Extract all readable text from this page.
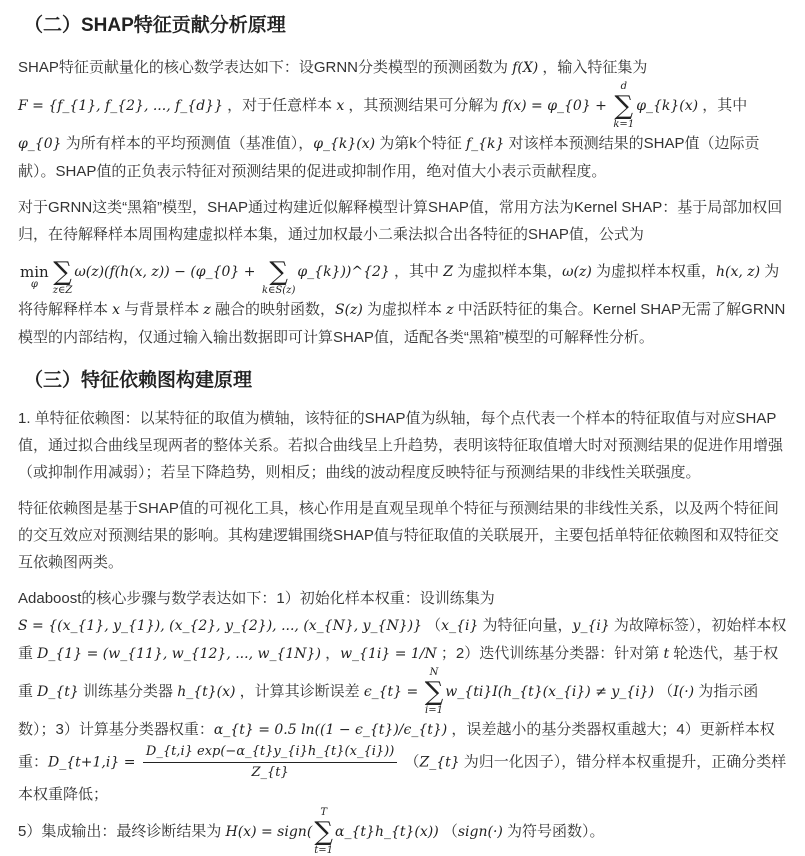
（二）SHAP特征贡献分析原理

SHAP特征贡献量化的核心数学表达如下：设GRNN分类模型的预测函数为 f(X) ，输入特征集为
F = {f_{1}, f_{2}, ..., f_{d}} ，对于任意样本 x ，其预测结果可分解为 f(x) = φ_{0} +
d
∑
k=1
φ_{k}(x) ，其中 φ_{0} 为所有样本的平均预测值（基准值），φ_{k}(x) 为第k个特征 f_{k} 对该样本预测结果的SHAP值（边际贡献）。SHAP值的正负表示特征对预测结果的促进或抑制作用，绝对值大小表示贡献程度。

对于GRNN这类“黑箱”模型，SHAP通过构建近似解释模型计算SHAP值，常用方法为Kernel SHAP：基于局部加权回归，在待解释样本周围构建虚拟样本集，通过加权最小二乘法拟合出各特征的SHAP值，公式为

min
φ ∑
z∈Z
ω(z)(f(h(x, z)) − (φ_{0} + ∑
k∈S(z)
φ_{k}))^{2} ，其中 Z 为虚拟样本集，ω(z) 为虚拟样本权重，h(x, z) 为将待解释样本 x 与背景样本 z 融合的映射函数，S(z) 为虚拟样本 z 中活跃特征的集合。Kernel SHAP无需了解GRNN模型的内部结构，仅通过输入输出数据即可计算SHAP值，适配各类“黑箱”模型的可解释性分析。

（三）特征依赖图构建原理

1. 单特征依赖图：以某特征的取值为横轴，该特征的SHAP值为纵轴，每个点代表一个样本的特征取值与对应SHAP值，通过拟合曲线呈现两者的整体关系。若拟合曲线呈上升趋势，表明该特征取值增大时对预测结果的促进作用增强（或抑制作用减弱）；若呈下降趋势，则相反；曲线的波动程度反映特征与预测结果的非线性关联强度。

特征依赖图是基于SHAP值的可视化工具，核心作用是直观呈现单个特征与预测结果的非线性关系，以及两个特征间的交互效应对预测结果的影响。其构建逻辑围绕SHAP值与特征取值的关联展开，主要包括单特征依赖图和双特征交互依赖图两类。

Adaboost的核心步骤与数学表达如下：1）初始化样本权重：设训练集为 S = {(x_{1}, y_{1}), (x_{2}, y_{2}), ..., (x_{N}, y_{N})} （x_{i} 为特征向量，y_{i} 为故障标签），初始样本权重 D_{1} = (w_{11}, w_{12}, ..., w_{1N}) ，w_{1i} = 1/N ；2）迭代训练基分类器：针对第 t 轮迭代，基于权重 D_{t} 训练基分类器 h_{t}(x) ，计算其诊断误差 ϵ_{t} =
N
∑
i=1
w_{ti}I(h_{t}(x_{i}) ≠ y_{i}) （I(·) 为指示函数）；3）计算基分类器权重：α_{t} = 0.5 ln((1 − ϵ_{t})/ϵ_{t}) ，误差越小的基分类器权重越大；4）更新样本权重：D_{t+1,i} = $\frac{D\_\{t,i\} \exp(-\alpha\_\{t\}y\_\{i\}h\_\{t\}(x\_\{i\}))}{Z\_\{t\}}$ （Z_{t} 为归一化因子），错分样本权重提升，正确分类样本权重降低；
5）集成输出：最终诊断结果为 H(x) = sign(
T
∑
t=1
α_{t}h_{t}(x)) （sign(·) 为符号函数）。
